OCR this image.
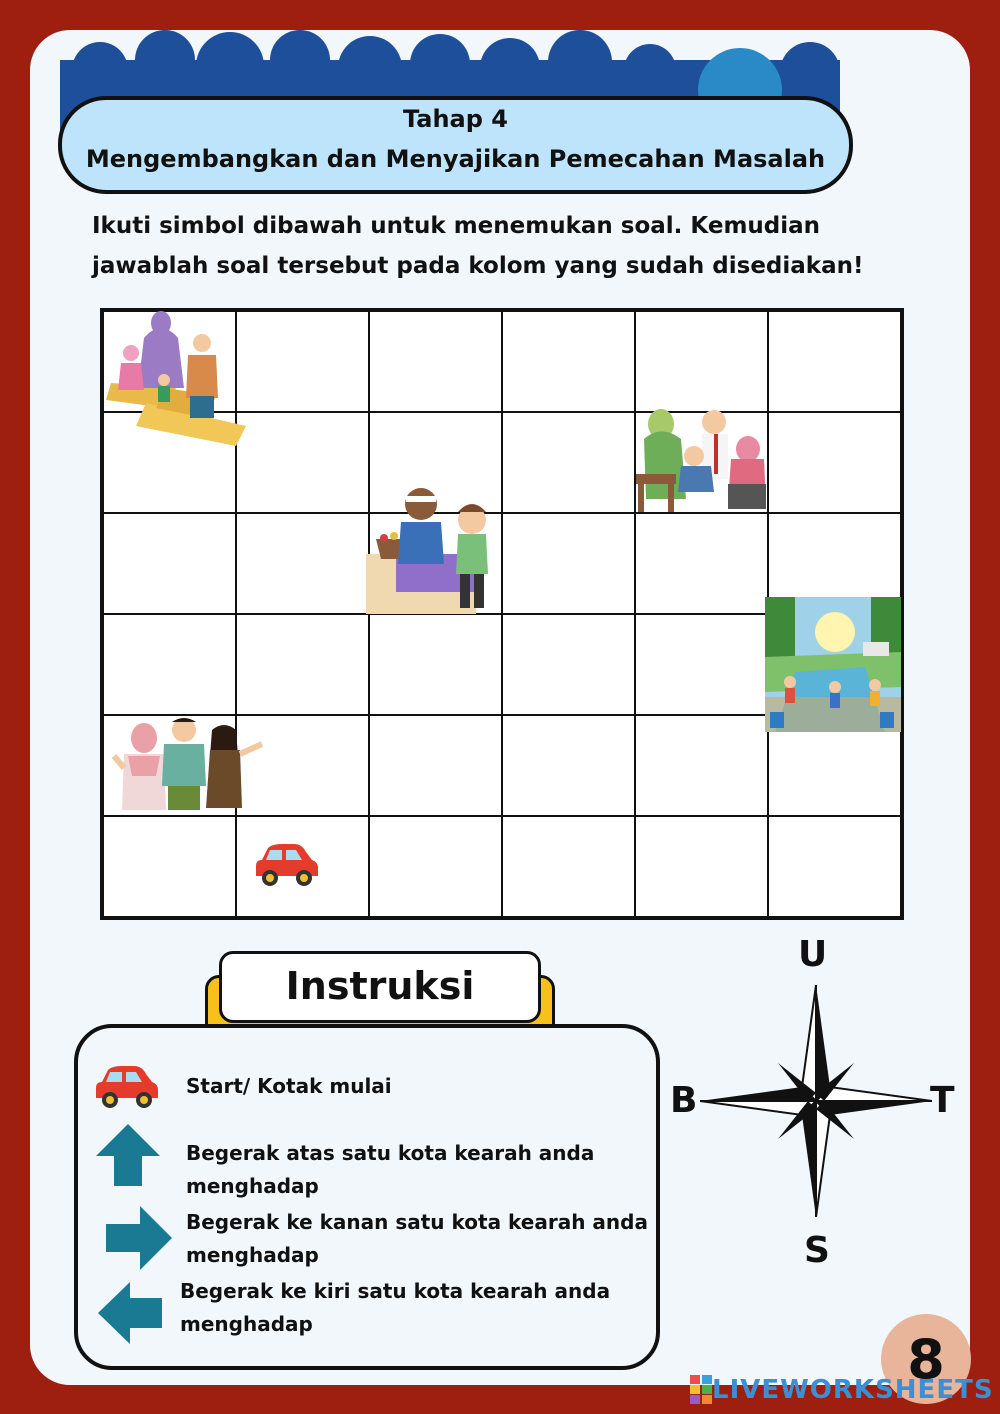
Tahap 4
Mengembangkan dan Menyajikan Pemecahan Masalah
Ikuti simbol dibawah untuk menemukan soal. Kemudian
jawablah soal tersebut pada kolom yang sudah disediakan!
Instruksi
Start/ Kotak mulai
Begerak atas satu kota kearah anda
menghadap
Begerak ke kanan satu kota kearah anda
menghadap
Begerak ke kiri satu kota kearah anda
menghadap
U
S
T
B
8
LIVEWORKSHEETS
